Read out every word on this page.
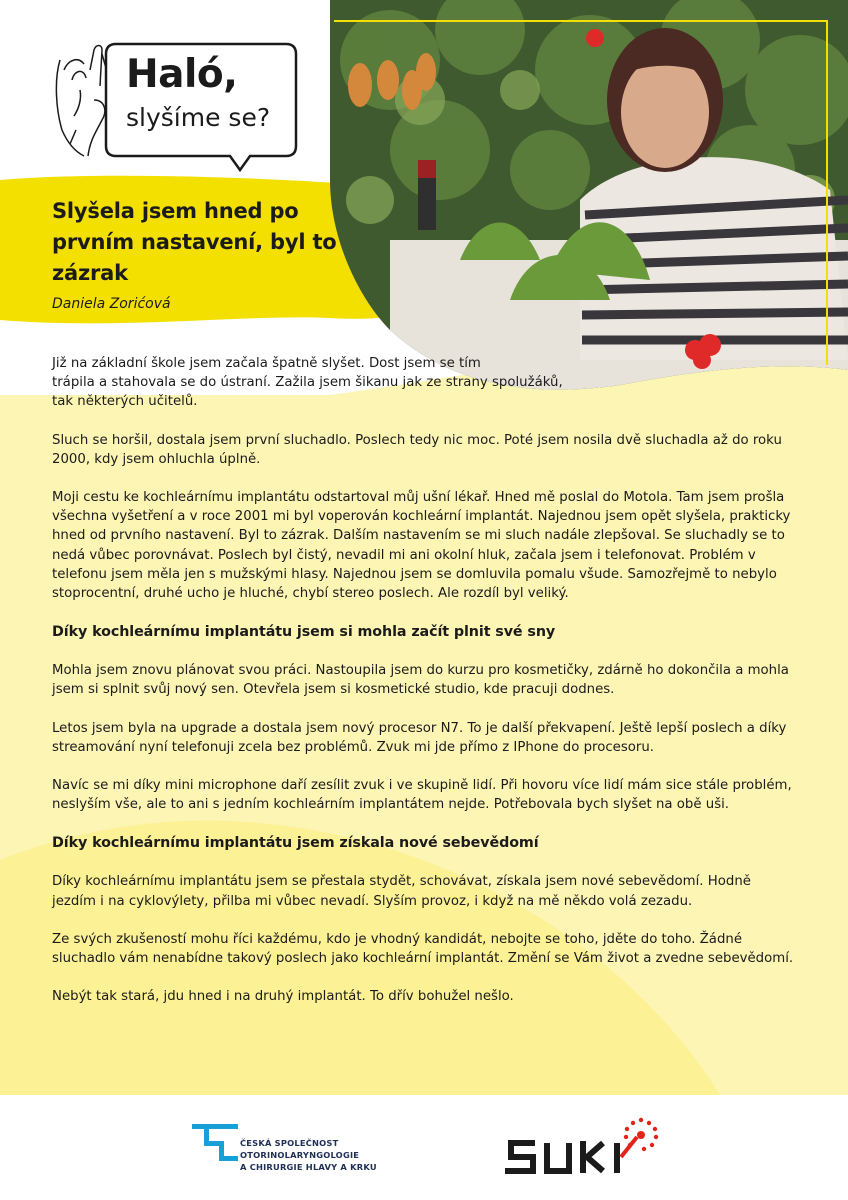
Haló,
slyšíme se?
Slyšela jsem hned po prvním nastavení, byl to zázrak
Daniela Zorićová

Již na základní škole jsem začala špatně slyšet. Dost jsem se tím
trápila a stahovala se do ústraní. Zažila jsem šikanu jak ze strany spolužáků,
tak některých učitelů.

Sluch se horšil, dostala jsem první sluchadlo. Poslech tedy nic moc. Poté jsem nosila dvě sluchadla až do roku 2000, kdy jsem ohluchla úplně.

Moji cestu ke kochleárnímu implantátu odstartoval můj ušní lékař. Hned mě poslal do Motola. Tam jsem prošla všechna vyšetření a v roce 2001 mi byl voperován kochleární implantát. Najednou jsem opět slyšela, prakticky hned od prvního nastavení. Byl to zázrak. Dalším nastavením se mi sluch nadále zlepšoval. Se sluchadly se to nedá vůbec porovnávat. Poslech byl čistý, nevadil mi ani okolní hluk, začala jsem i telefonovat. Problém v telefonu jsem měla jen s mužskými hlasy. Najednou jsem se domluvila pomalu všude. Samozřejmě to nebylo stoprocentní, druhé ucho je hluché, chybí stereo poslech. Ale rozdíl byl veliký.

Díky kochleárnímu implantátu jsem si mohla začít plnit své sny

Mohla jsem znovu plánovat svou práci. Nastoupila jsem do kurzu pro kosmetičky, zdárně ho dokončila a mohla jsem si splnit svůj nový sen. Otevřela jsem si kosmetické studio, kde pracuji dodnes.

Letos jsem byla na upgrade a dostala jsem nový procesor N7. To je další překvapení. Ještě lepší poslech a díky streamování nyní telefonuji zcela bez problémů. Zvuk mi jde přímo z IPhone do procesoru.

Navíc se mi díky mini microphone daří zesílit zvuk i ve skupině lidí. Při hovoru více lidí mám sice stále problém, neslyším vše, ale to ani s jedním kochleárním implantátem nejde. Potřebovala bych slyšet na obě uši.

Díky kochleárnímu implantátu jsem získala nové sebevědomí

Díky kochleárnímu implantátu jsem se přestala stydět, schovávat, získala jsem nové sebevědomí. Hodně jezdím i na cyklovýlety, přilba mi vůbec nevadí. Slyším provoz, i když na mě někdo volá zezadu.

Ze svých zkušeností mohu říci každému, kdo je vhodný kandidát, nebojte se toho, jděte do toho. Žádné sluchadlo vám nenabídne takový poslech jako kochleární implantát. Změní se Vám život a zvedne sebevědomí.

Nebýt tak stará, jdu hned i na druhý implantát. To dřív bohužel nešlo.

ČESKÁ SPOLEČNOST
OTORINOLARYNGOLOGIE
A CHIRURGIE HLAVY A KRKU
